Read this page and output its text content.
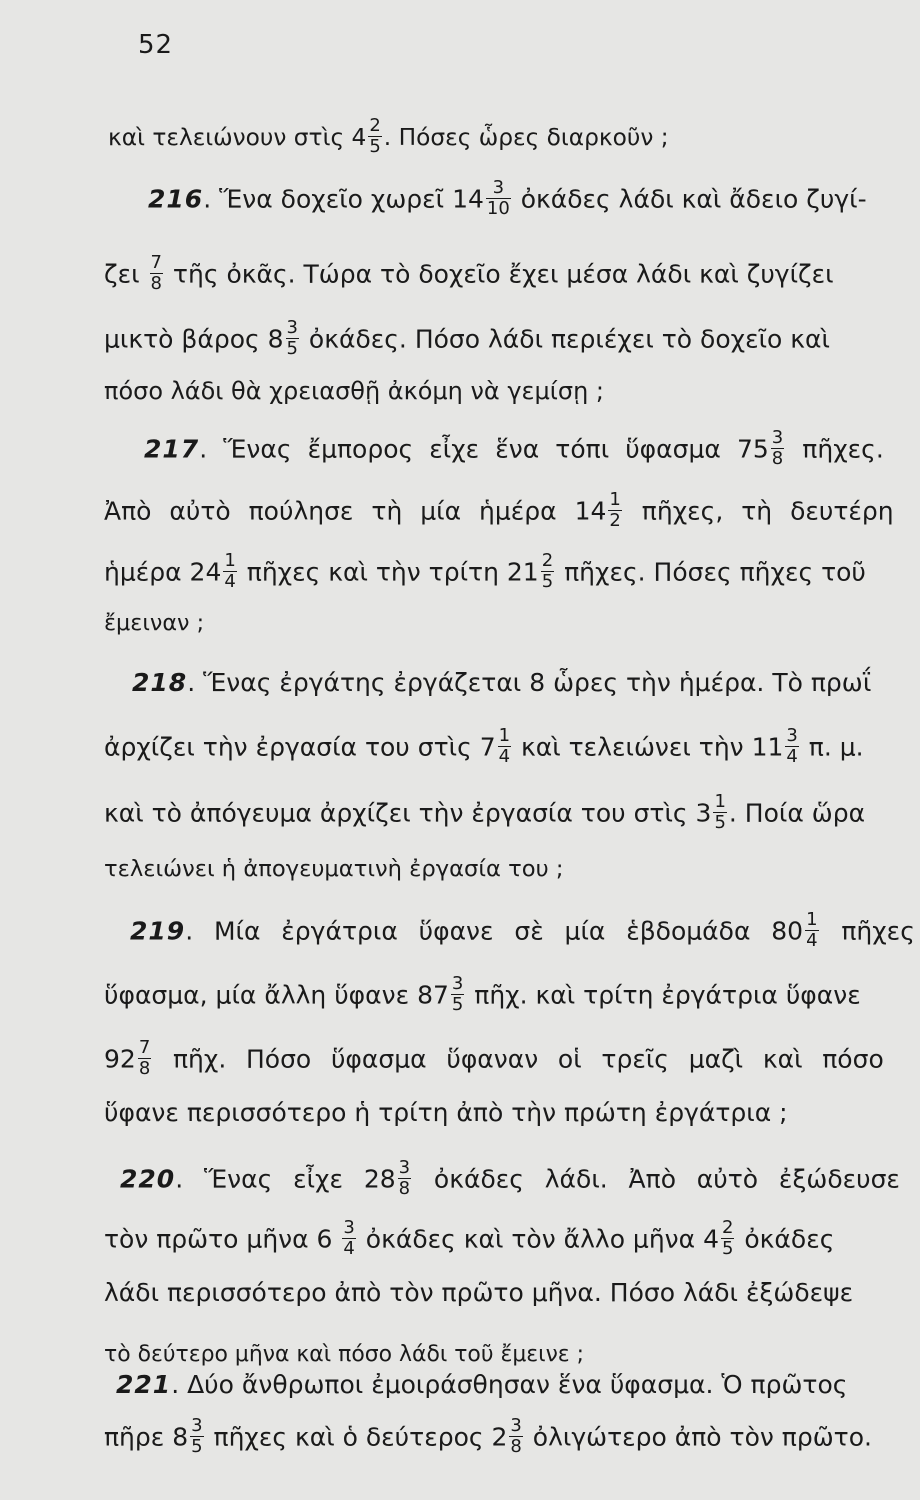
52
καὶ τελειώνουν στὶς $4 \frac{2}{5}$ . Πόσες ὧρες διαρκοῦν ;
216. Ἕνα δοχεῖο χωρεῖ $14 \frac{3}{10}$ ὀκάδες λάδι καὶ ἄδειο ζυγί-
ζει $\frac{7}{8}$ τῆς ὀκᾶς. Τώρα τὸ δοχεῖο ἔχει μέσα λάδι καὶ ζυγίζει
μικτὸ βάρος $8 \frac{3}{5}$ ὀκάδες. Πόσο λάδι περιέχει τὸ δοχεῖο καὶ
πόσο λάδι θὰ χρειασθῇ ἀκόμη νὰ γεμίσῃ ;
217. Ἕνας ἔμπορος εἶχε ἕνα τόπι ὕφασμα $75 \frac{3}{8}$ πῆχες.
Ἀπὸ αὐτὸ πούλησε τὴ μία ἡμέρα $14 \frac{1}{2}$ πῆχες, τὴ δευτέρη
ἡμέρα $24 \frac{1}{4}$ πῆχες καὶ τὴν τρίτη $21 \frac{2}{5}$ πῆχες. Πόσες πῆχες τοῦ
ἔμειναν ;
218. Ἕνας ἐργάτης ἐργάζεται 8 ὧρες τὴν ἡμέρα. Τὸ πρωΐ
ἀρχίζει τὴν ἐργασία του στὶς $7 \frac{1}{4}$ καὶ τελειώνει τὴν $11 \frac{3}{4} \pi$. μ.
καὶ τὸ ἀπόγευμα ἀρχίζει τὴν ἐργασία του στὶς $3 \frac{1}{5}$ . Ποία ὥρα
τελειώνει ἡ ἀπογευματινὴ ἐργασία του ;
219. Μία ἐργάτρια ὕφανε σὲ μία ἑβδομάδα $80 \frac{1}{4}$ πῆχες
ὕφασμα, μία ἄλλη ὕφανε $87 \frac{3}{5}$ πῆχ. καὶ τρίτη ἐργάτρια ὕφανε
$92 \frac{7}{8}$ πῆχ. Πόσο ὕφασμα ὕφαναν οἱ τρεῖς μαζὶ καὶ πόσο
ὕφανε περισσότερο ἡ τρίτη ἀπὸ τὴν πρώτη ἐργάτρια ;
220. Ἕνας εἶχε $28 \frac{3}{8}$ ὀκάδες λάδι. Ἀπὸ αὐτὸ ἐξώδευσε
τὸν πρῶτο μῆνα $6 \frac{3}{4}$ ὀκάδες καὶ τὸν ἄλλο μῆνα $4 \frac{2}{5}$ ὀκάδες
λάδι περισσότερο ἀπὸ τὸν πρῶτο μῆνα. Πόσο λάδι ἐξώδεψε
τὸ δεύτερο μῆνα καὶ πόσο λάδι τοῦ ἔμεινε ;
221. Δύο ἄνθρωποι ἐμοιράσθησαν ἕνα ὕφασμα. Ὁ πρῶτος
πῆρε $8 \frac{3}{5}$ πῆχες καὶ ὁ δεύτερος $2 \frac{3}{8}$ ὀλιγώτερο ἀπὸ τὸν πρῶτο.
